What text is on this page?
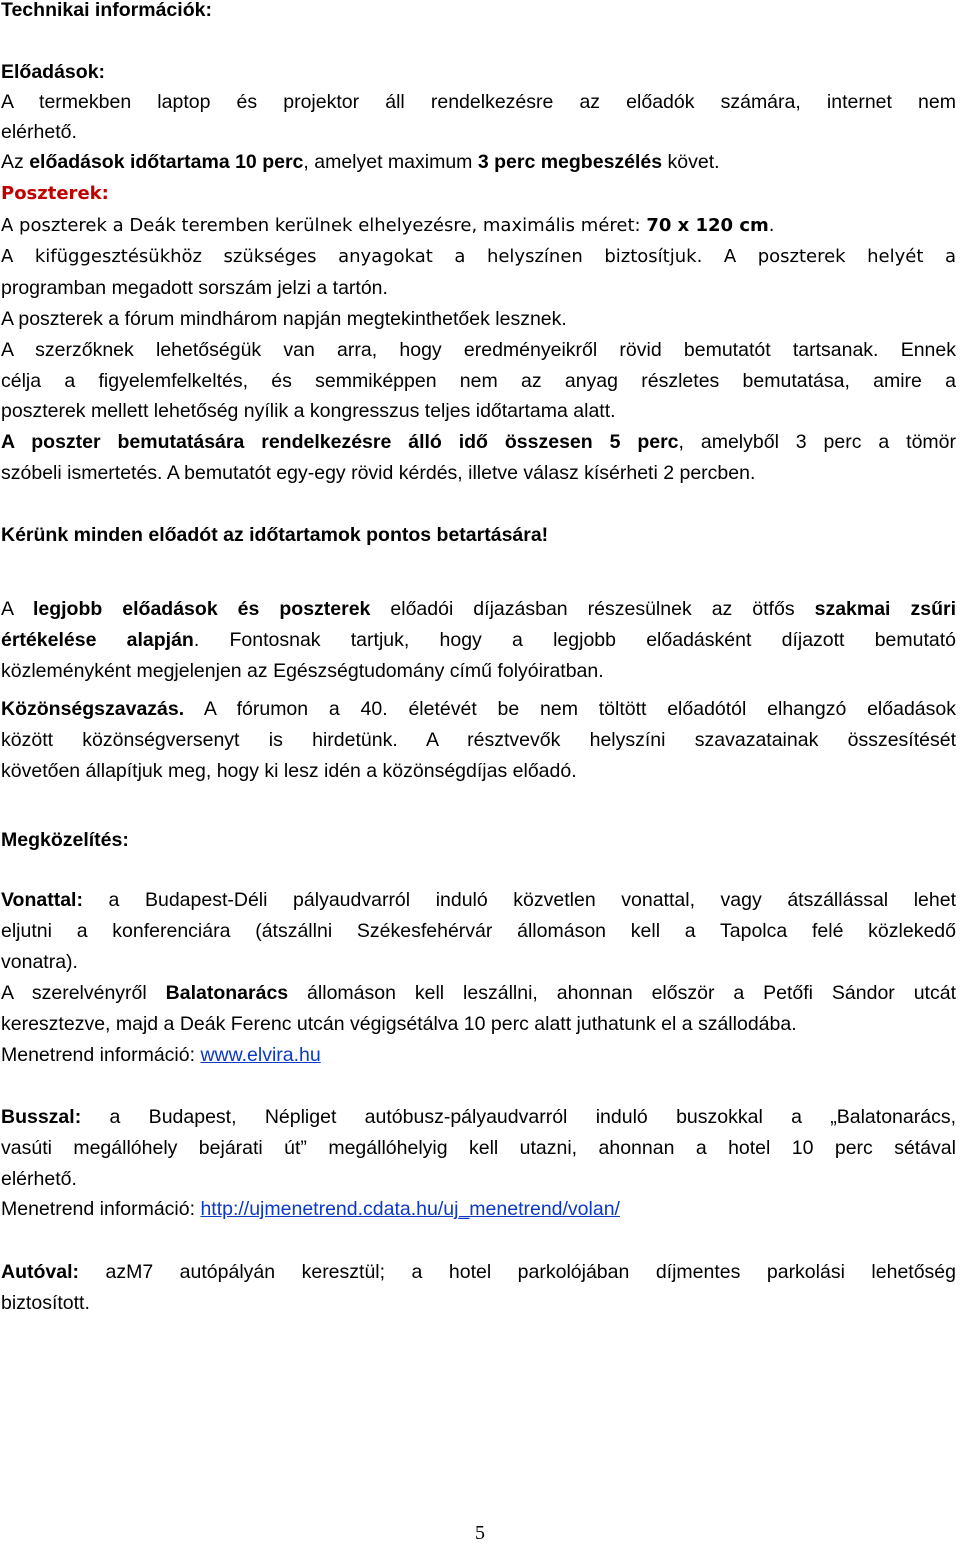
Technikai információk:
Előadások:
A termekben laptop és projektor áll rendelkezésre az előadók számára, internet nem
elérhető.
Az előadások időtartama 10 perc, amelyet maximum 3 perc megbeszélés követ.
Poszterek:
A poszterek a Deák teremben kerülnek elhelyezésre, maximális méret: 70 x 120 cm.
A kifüggesztésükhöz szükséges anyagokat a helyszínen biztosítjuk. A poszterek helyét a
programban megadott sorszám jelzi a tartón.
A poszterek a fórum mindhárom napján megtekinthetőek lesznek.
A szerzőknek lehetőségük van arra, hogy eredményeikről rövid bemutatót tartsanak. Ennek
célja a figyelemfelkeltés, és semmiképpen nem az anyag részletes bemutatása, amire a
poszterek mellett lehetőség nyílik a kongresszus teljes időtartama alatt.
A poszter bemutatására rendelkezésre álló idő összesen 5 perc, amelyből 3 perc a tömör
szóbeli ismertetés. A bemutatót egy-egy rövid kérdés, illetve válasz kísérheti 2 percben.
Kérünk minden előadót az időtartamok pontos betartására!
A legjobb előadások és poszterek előadói díjazásban részesülnek az ötfős szakmai zsűri
értékelése alapján. Fontosnak tartjuk, hogy a legjobb előadásként díjazott bemutató
közleményként megjelenjen az Egészségtudomány című folyóiratban.
Közönségszavazás. A fórumon a 40. életévét be nem töltött előadótól elhangzó előadások
között közönségversenyt is hirdetünk. A résztvevők helyszíni szavazatainak összesítését
követően állapítjuk meg, hogy ki lesz idén a közönségdíjas előadó.
Megközelítés:
Vonattal: a Budapest-Déli pályaudvarról induló közvetlen vonattal, vagy átszállással lehet
eljutni a konferenciára (átszállni Székesfehérvár állomáson kell a Tapolca felé közlekedő
vonatra).
A szerelvényről Balatonarács állomáson kell leszállni, ahonnan először a Petőfi Sándor utcát
keresztezve, majd a Deák Ferenc utcán végigsétálva 10 perc alatt juthatunk el a szállodába.
Menetrend információ: www.elvira.hu
Busszal: a Budapest, Népliget autóbusz-pályaudvarról induló buszokkal a „Balatonarács,
vasúti megállóhely bejárati út” megállóhelyig kell utazni, ahonnan a hotel 10 perc sétával
elérhető.
Menetrend információ: http://ujmenetrend.cdata.hu/uj_menetrend/volan/
Autóval: azM7 autópályán keresztül; a hotel parkolójában díjmentes parkolási lehetőség
biztosított.
5
